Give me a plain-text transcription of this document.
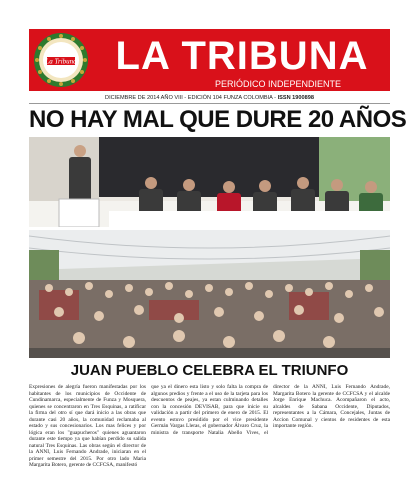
La Tribuna LA TRIBUNA
PERIÓDICO INDEPENDIENTE
DICIEMBRE DE 2014 AÑO VIII - EDICIÓN 104 FUNZA COLOMBIA - ISSN 1900898
NO HAY MAL QUE DURE 20 AÑOS
JUAN PUEBLO CELEBRA EL TRIUNFO

Expresiones de alegría fueron manifestadas por los habitantes de los municipios de Occidente de Cundinamarca, especialmente de Funza y Mosquera, quienes se concentraron en Tres Esquinas, a ratificar la firma del otro sí que dará inicio a las obras que durante casi 20 años, la comunidad reclamaba al estado y sus concesionarios. Los mas felices y por lógica eran los "guapucheros" quienes aguantaron durante este tiempo ya que habían perdido su salida natural Tres Esquinas. Las obras según el director de la ANNI, Luis Fernando Andrade, iniciaran en el primer semestre del 2015. Por otro lado Maria Margarita Botero, gerente de CCFCSA, manifestó

que ya el dinero esta listo y solo falta la compra de algunos predios y frente a el uso de la tarjeta para los descuentos de peajes, ya estan culminando detalles con la concesión DEVISAB, para que inicie su validación a partir del primero de enero de 2015. El evento estuvo presidido por el vice presidente Germán Vargas Lleras, el gobernador Álvaro Cruz, la ministra de transporte Natalia Abello Vives, el director de la ANNI, Luis Fernando Andrade, Margarita Botero la gerente de CCFCSA y el alcalde Jorge Enrique Machuca. Acompañaron el acto, alcaldes de Sabana Occidente, Diputados, representantes a la Cámara, Concejales, Juntas de Accion Comunal y cientos de residentes de esta importante región.
